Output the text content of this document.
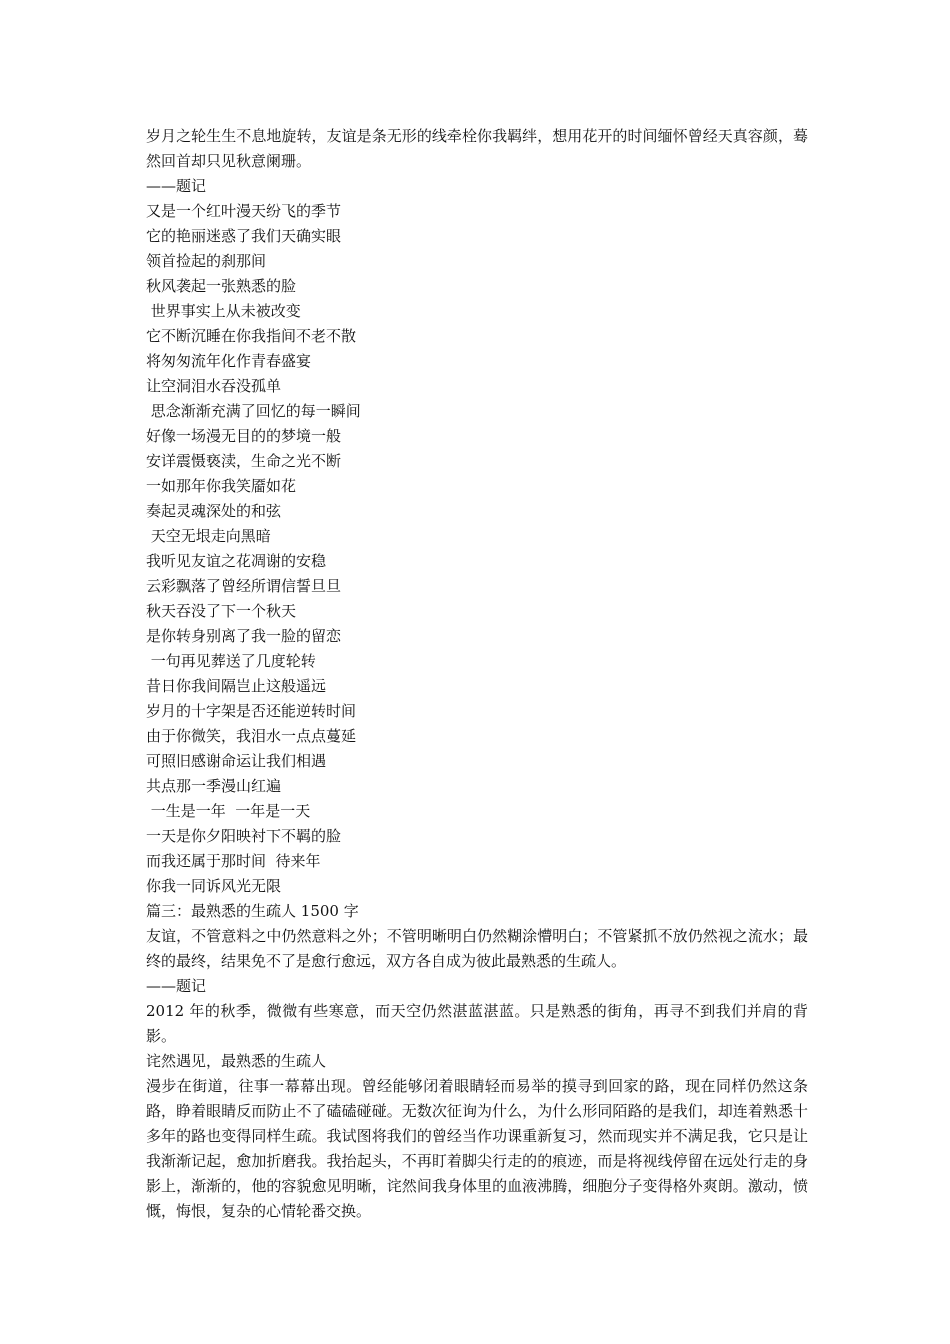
岁月之轮生生不息地旋转，友谊是条无形的线牵栓你我羁绊，想用花开的时间缅怀曾经天真容颜，蓦然回首却只见秋意阑珊。
——题记
又是一个红叶漫天纷飞的季节
它的艳丽迷惑了我们天确实眼
领首捡起的刹那间
秋风袭起一张熟悉的脸
世界事实上从未被改变
它不断沉睡在你我指间不老不散
将匆匆流年化作青春盛宴
让空洞泪水吞没孤单
思念渐渐充满了回忆的每一瞬间
好像一场漫无目的的梦境一般
安详震慑亵渎，生命之光不断
一如那年你我笑靥如花
奏起灵魂深处的和弦
天空无垠走向黑暗
我听见友谊之花凋谢的安稳
云彩飘落了曾经所谓信誓旦旦
秋天吞没了下一个秋天
是你转身别离了我一脸的留恋
一句再见葬送了几度轮转
昔日你我间隔岂止这般遥远
岁月的十字架是否还能逆转时间
由于你微笑，我泪水一点点蔓延
可照旧感谢命运让我们相遇
共点那一季漫山红遍
一生是一年  一年是一天
一天是你夕阳映衬下不羁的脸
而我还属于那时间  待来年
你我一同诉风光无限
篇三：最熟悉的生疏人 1500 字
友谊，不管意料之中仍然意料之外；不管明晰明白仍然糊涂懵明白；不管紧抓不放仍然视之流水；最终的最终，结果免不了是愈行愈远，双方各自成为彼此最熟悉的生疏人。
——题记
2012 年的秋季，微微有些寒意，而天空仍然湛蓝湛蓝。只是熟悉的街角，再寻不到我们并肩的背影。
诧然遇见，最熟悉的生疏人
漫步在街道，往事一幕幕出现。曾经能够闭着眼睛轻而易举的摸寻到回家的路，现在同样仍然这条路，睁着眼睛反而防止不了磕磕碰碰。无数次征询为什么，为什么形同陌路的是我们，却连着熟悉十多年的路也变得同样生疏。我试图将我们的曾经当作功课重新复习，然而现实并不满足我，它只是让我渐渐记起，愈加折磨我。我抬起头，不再盯着脚尖行走的的痕迹，而是将视线停留在远处行走的身影上，渐渐的，他的容貌愈见明晰，诧然间我身体里的血液沸腾，细胞分子变得格外爽朗。激动，愤慨，悔恨，复杂的心情轮番交换。
